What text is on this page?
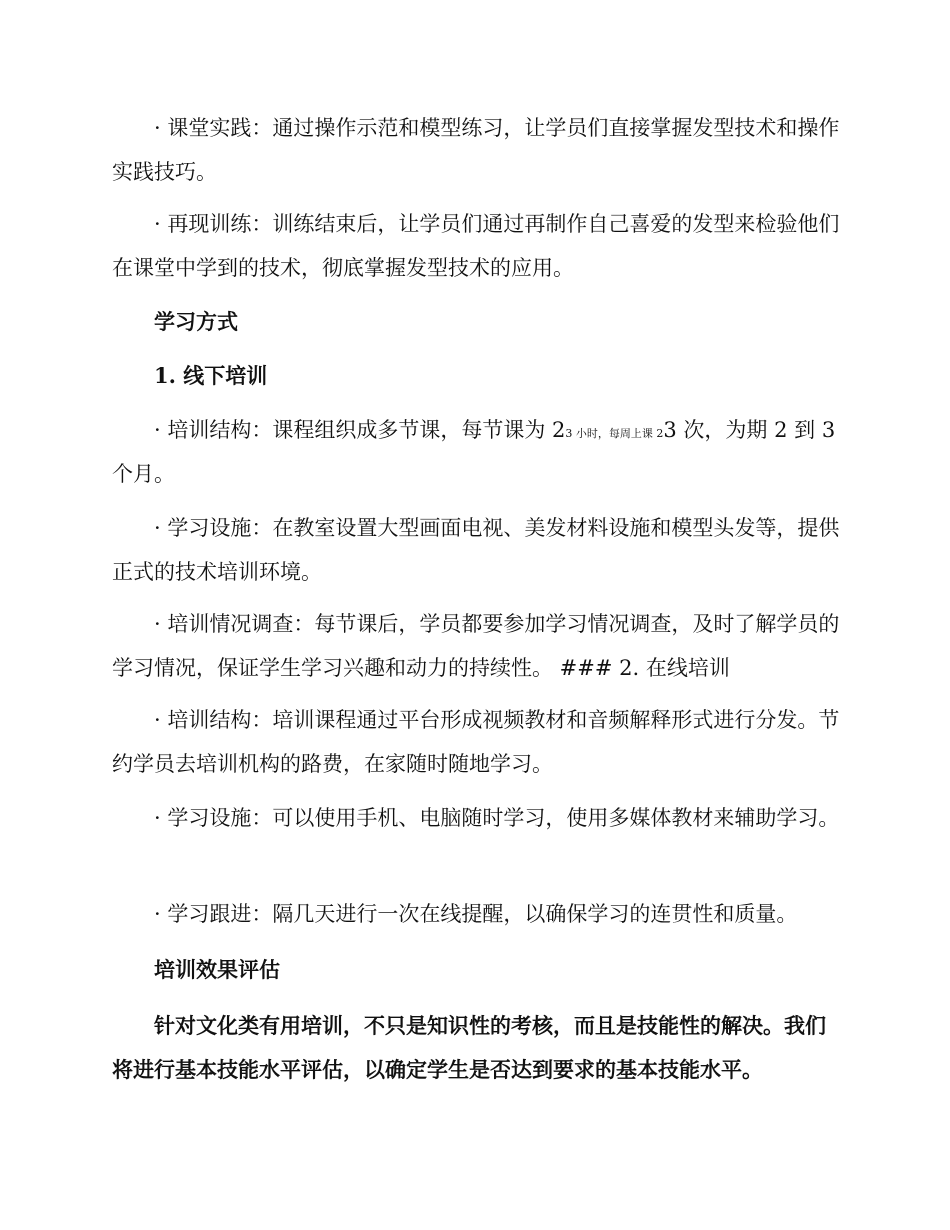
· 课堂实践：通过操作示范和模型练习，让学员们直接掌握发型技术和操作实践技巧。

· 再现训练：训练结束后，让学员们通过再制作自己喜爱的发型来检验他们在课堂中学到的技术，彻底掌握发型技术的应用。

学习方式

1. 线下培训

· 培训结构：课程组织成多节课，每节课为 23 小时，每周上课 23 次，为期 2 到 3 个月。

· 学习设施：在教室设置大型画面电视、美发材料设施和模型头发等，提供正式的技术培训环境。

· 培训情况调查：每节课后，学员都要参加学习情况调查，及时了解学员的学习情况，保证学生学习兴趣和动力的持续性。 ### 2. 在线培训

· 培训结构：培训课程通过平台形成视频教材和音频解释形式进行分发。节约学员去培训机构的路费，在家随时随地学习。

· 学习设施：可以使用手机、电脑随时学习，使用多媒体教材来辅助学习。

· 学习跟进：隔几天进行一次在线提醒，以确保学习的连贯性和质量。

培训效果评估

针对文化类有用培训，不只是知识性的考核，而且是技能性的解决。我们将进行基本技能水平评估，以确定学生是否达到要求的基本技能水平。
